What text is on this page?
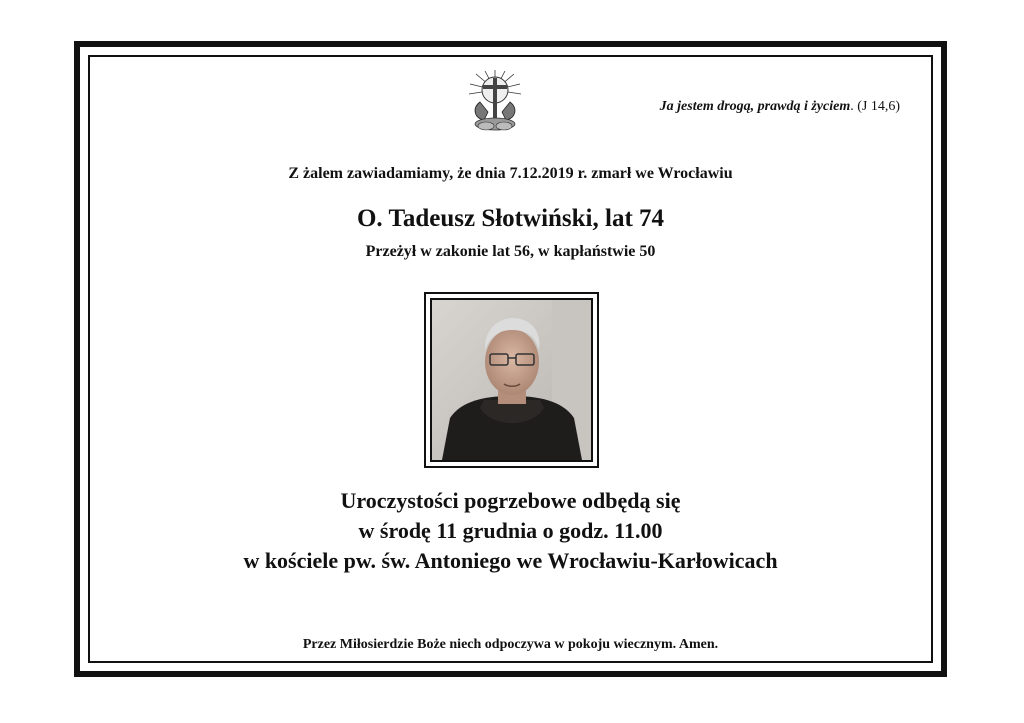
Ja jestem drogą, prawdą i życiem. (J 14,6)
Z żalem zawiadamiamy, że dnia 7.12.2019 r. zmarł we Wrocławiu
O. Tadeusz Słotwiński, lat 74
Przeżył w zakonie lat 56, w kapłaństwie 50
Uroczystości pogrzebowe odbędą się
w środę 11 grudnia o godz. 11.00
w kościele pw. św. Antoniego we Wrocławiu-Karłowicach
Przez Miłosierdzie Boże niech odpoczywa w pokoju wiecznym. Amen.
